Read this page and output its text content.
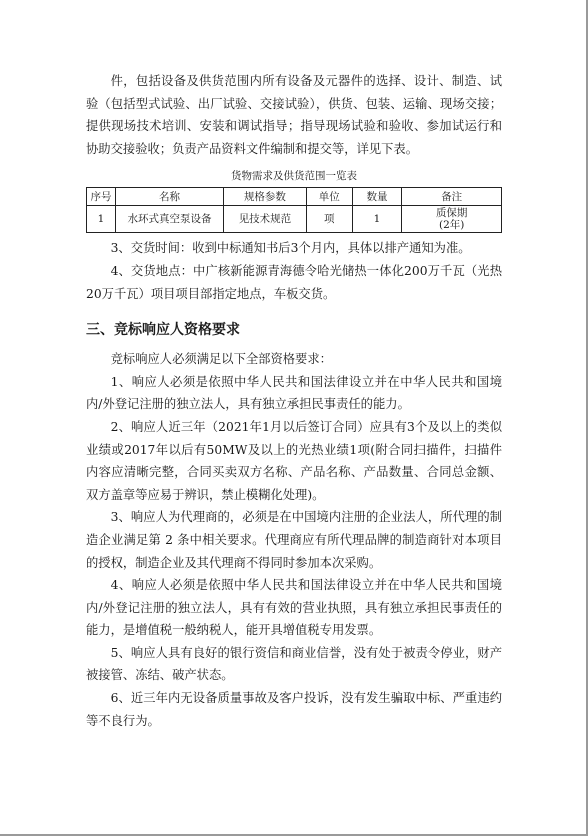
件，包括设备及供货范围内所有设备及元器件的选择、设计、制造、试验（包括型式试验、出厂试验、交接试验），供货、包装、运输、现场交接；提供现场技术培训、安装和调试指导；指导现场试验和验收、参加试运行和协助交接验收；负责产品资料文件编制和提交等，详见下表。

货物需求及供货范围一览表
序号	名称	规格参数	单位	数量	备注
1	水环式真空泵设备	见技术规范	项	1	质保期
(2年)

3、交货时间：收到中标通知书后3个月内，具体以排产通知为准。

4、交货地点：中广核新能源青海德令哈光储热一体化200万千瓦（光热20万千瓦）项目项目部指定地点，车板交货。

三、竞标响应人资格要求

竞标响应人必须满足以下全部资格要求：

1、响应人必须是依照中华人民共和国法律设立并在中华人民共和国境内/外登记注册的独立法人，具有独立承担民事责任的能力。

2、响应人近三年（2021年1月以后签订合同）应具有3个及以上的类似业绩或2017年以后有50MW及以上的光热业绩1项(附合同扫描件，扫描件内容应清晰完整，合同买卖双方名称、产品名称、产品数量、合同总金额、双方盖章等应易于辨识，禁止模糊化处理)。

3、响应人为代理商的，必须是在中国境内注册的企业法人，所代理的制造企业满足第 2 条中相关要求。代理商应有所代理品牌的制造商针对本项目的授权，制造企业及其代理商不得同时参加本次采购。

4、响应人必须是依照中华人民共和国法律设立并在中华人民共和国境内/外登记注册的独立法人，具有有效的营业执照，具有独立承担民事责任的能力，是增值税一般纳税人，能开具增值税专用发票。

5、响应人具有良好的银行资信和商业信誉，没有处于被责令停业，财产被接管、冻结、破产状态。

6、近三年内无设备质量事故及客户投诉，没有发生骗取中标、严重违约等不良行为。
